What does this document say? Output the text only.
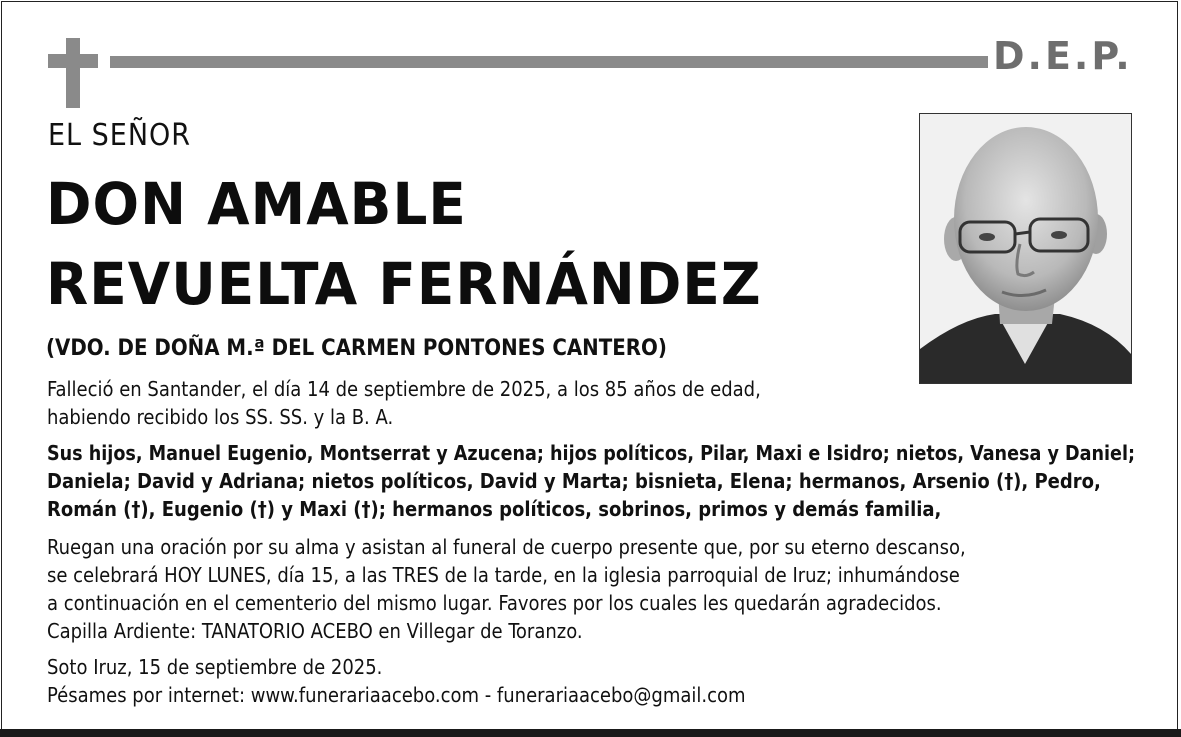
D.E.P.
EL SEÑOR
DON AMABLE
REVUELTA FERNÁNDEZ
(VDO. DE DOÑA M.ª DEL CARMEN PONTONES CANTERO)
Falleció en Santander, el día 14 de septiembre de 2025, a los 85 años de edad,
habiendo recibido los SS. SS. y la B. A.
Sus hijos, Manuel Eugenio, Montserrat y Azucena; hijos políticos, Pilar, Maxi e Isidro; nietos, Vanesa y Daniel;
Daniela; David y Adriana; nietos políticos, David y Marta; bisnieta, Elena; hermanos, Arsenio (†), Pedro,
Román (†), Eugenio (†) y Maxi (†); hermanos políticos, sobrinos, primos y demás familia,
Ruegan una oración por su alma y asistan al funeral de cuerpo presente que, por su eterno descanso,
se celebrará HOY LUNES, día 15, a las TRES de la tarde, en la iglesia parroquial de Iruz; inhumándose
a continuación en el cementerio del mismo lugar. Favores por los cuales les quedarán agradecidos.
Capilla Ardiente: TANATORIO ACEBO en Villegar de Toranzo.
Soto Iruz, 15 de septiembre de 2025.
Pésames por internet: www.funerariaacebo.com - funerariaacebo@gmail.com
